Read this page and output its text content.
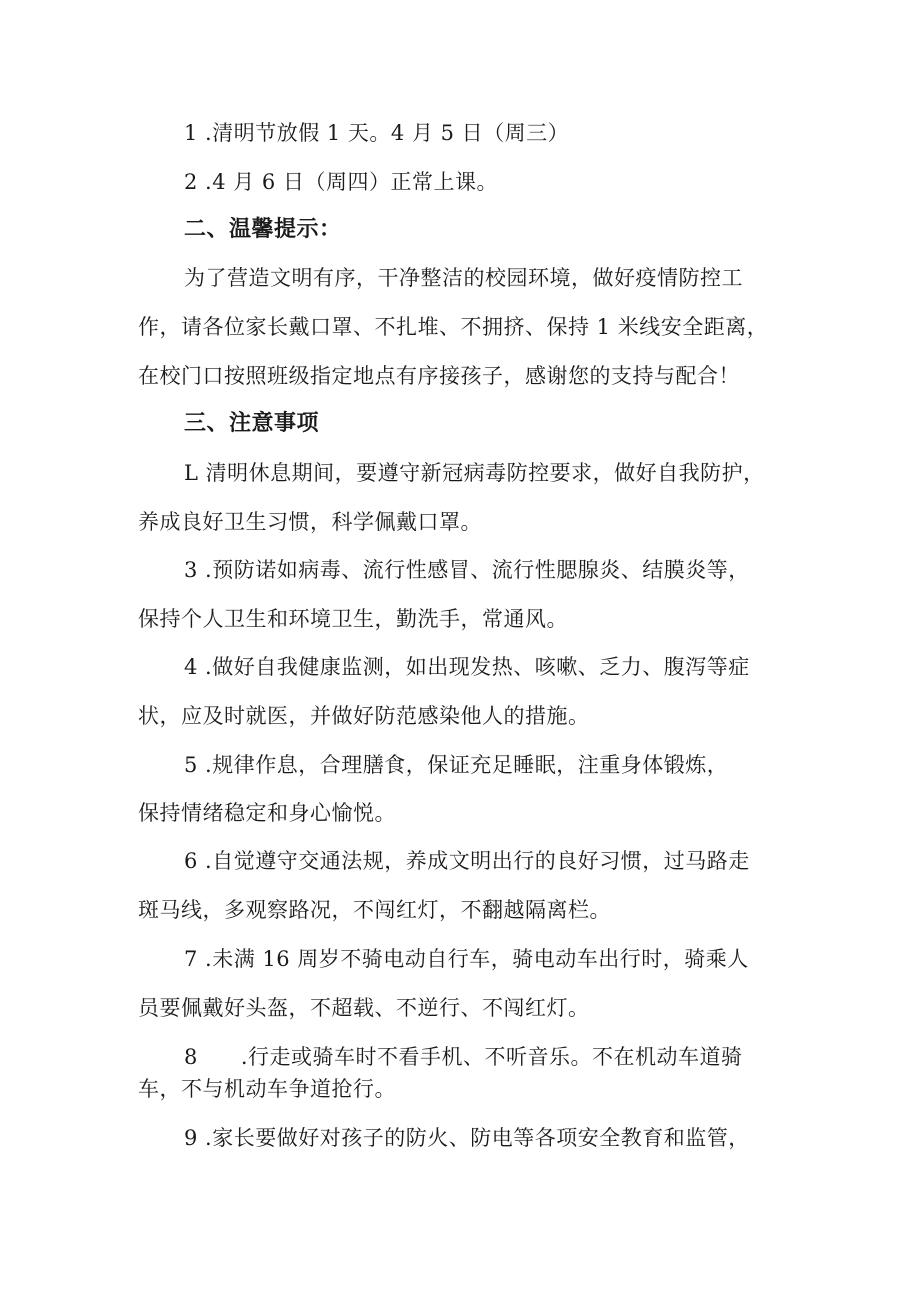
1 .清明节放假 1 天。4 月 5 日（周三）
2 .4 月 6 日（周四）正常上课。
二、温馨提示：
为了营造文明有序，干净整洁的校园环境，做好疫情防控工
作，请各位家长戴口罩、不扎堆、不拥挤、保持 1 米线安全距离，
在校门口按照班级指定地点有序接孩子，感谢您的支持与配合！
三、注意事项
L 清明休息期间，要遵守新冠病毒防控要求，做好自我防护，
养成良好卫生习惯，科学佩戴口罩。
3 .预防诺如病毒、流行性感冒、流行性腮腺炎、结膜炎等，
保持个人卫生和环境卫生，勤洗手，常通风。
4 .做好自我健康监测，如出现发热、咳嗽、乏力、腹泻等症
状，应及时就医，并做好防范感染他人的措施。
5 .规律作息，合理膳食，保证充足睡眠，注重身体锻炼，
保持情绪稳定和身心愉悦。
6 .自觉遵守交通法规，养成文明出行的良好习惯，过马路走
斑马线，多观察路况，不闯红灯，不翻越隔离栏。
7 .未满 16 周岁不骑电动自行车，骑电动车出行时，骑乘人
员要佩戴好头盔，不超载、不逆行、不闯红灯。
8　　.行走或骑车时不看手机、不听音乐。不在机动车道骑
车，不与机动车争道抢行。
9 .家长要做好对孩子的防火、防电等各项安全教育和监管，
